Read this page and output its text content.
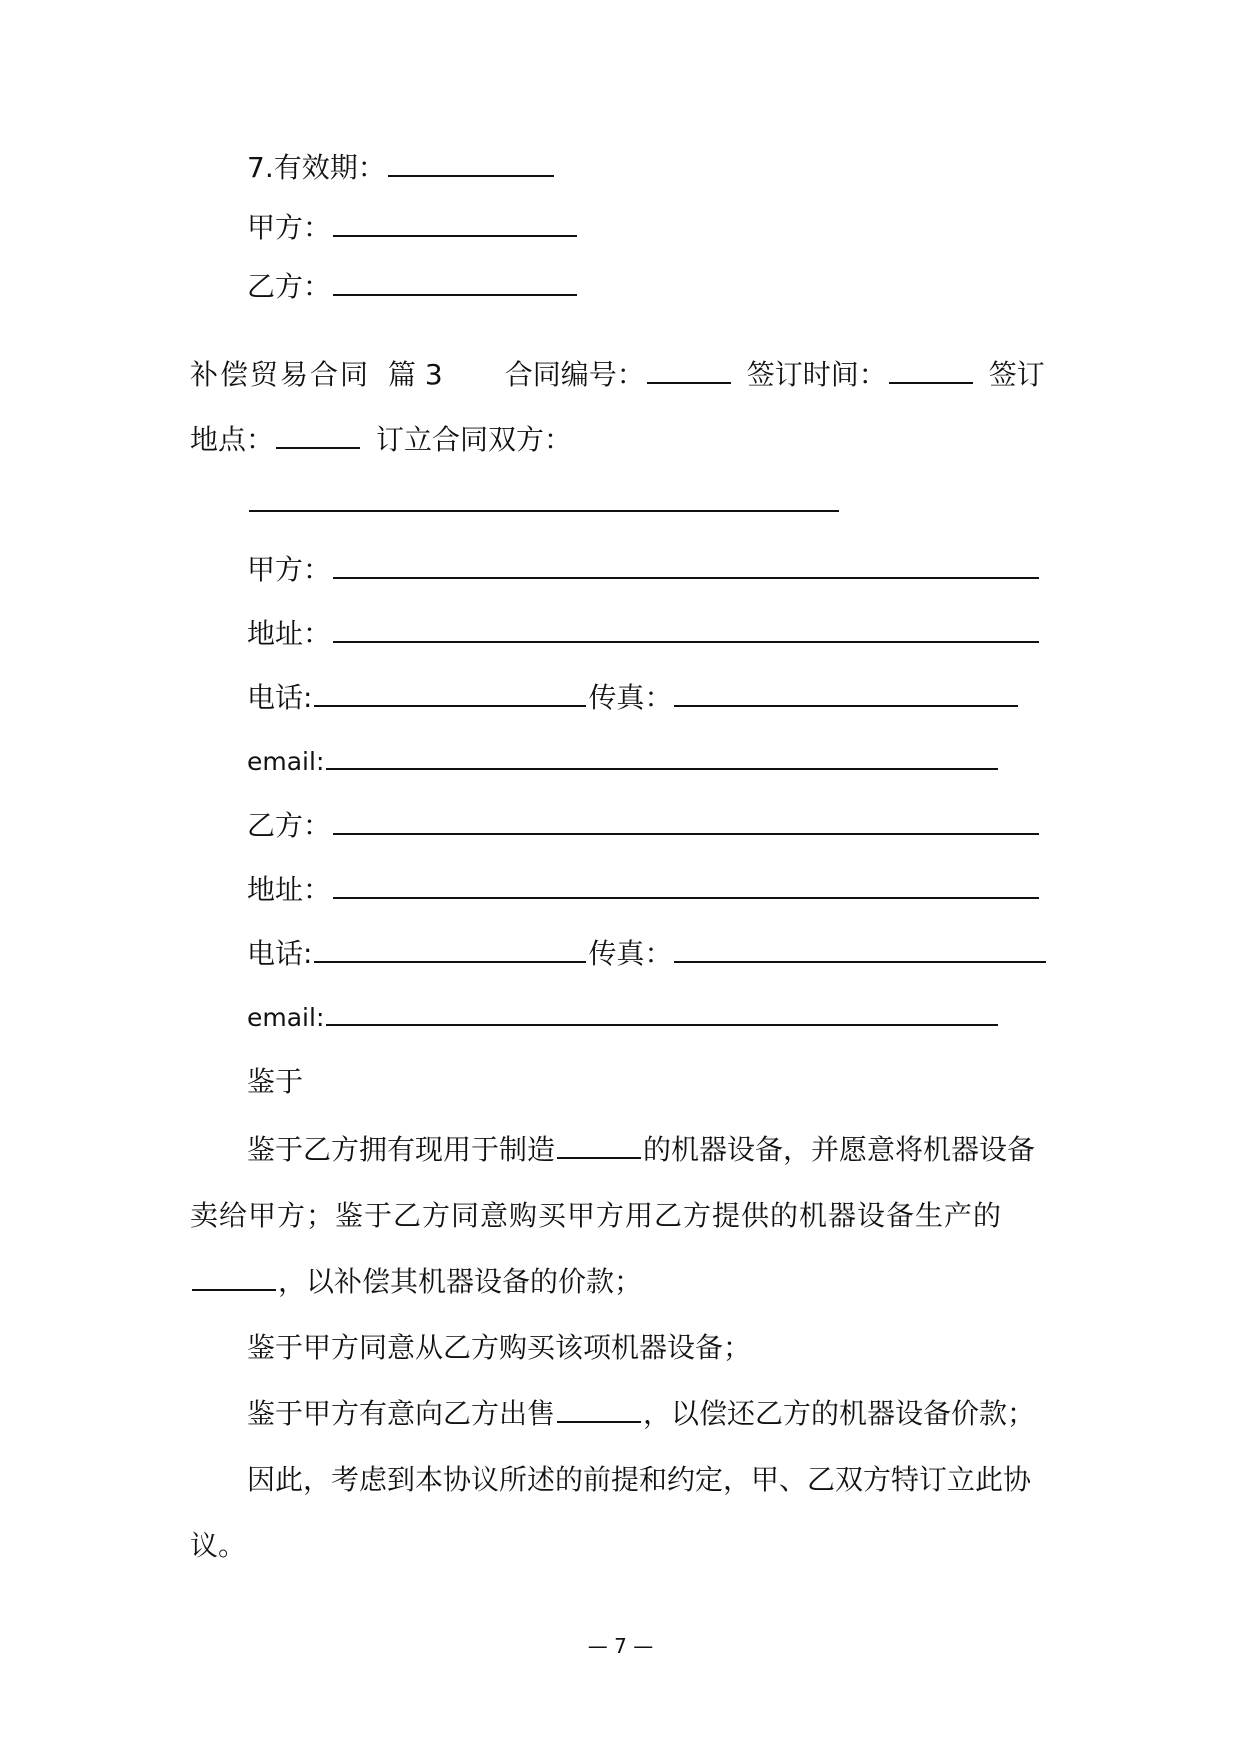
7.有效期：
甲方：
乙方：
补偿贸易合同 篇 3 合同编号：	签订时间：	签订
地点：	订立合同双方：
甲方：
地址：
电话:	传真：
email:
乙方：
地址：
电话:	传真：
email:
鉴于
鉴于乙方拥有现用于制造	的机器设备，并愿意将机器设备
卖给甲方；鉴于乙方同意购买甲方用乙方提供的机器设备生产的
，以补偿其机器设备的价款；
鉴于甲方同意从乙方购买该项机器设备；
鉴于甲方有意向乙方出售	，以偿还乙方的机器设备价款；
因此，考虑到本协议所述的前提和约定，甲、乙双方特订立此协
议。
— 7 —
